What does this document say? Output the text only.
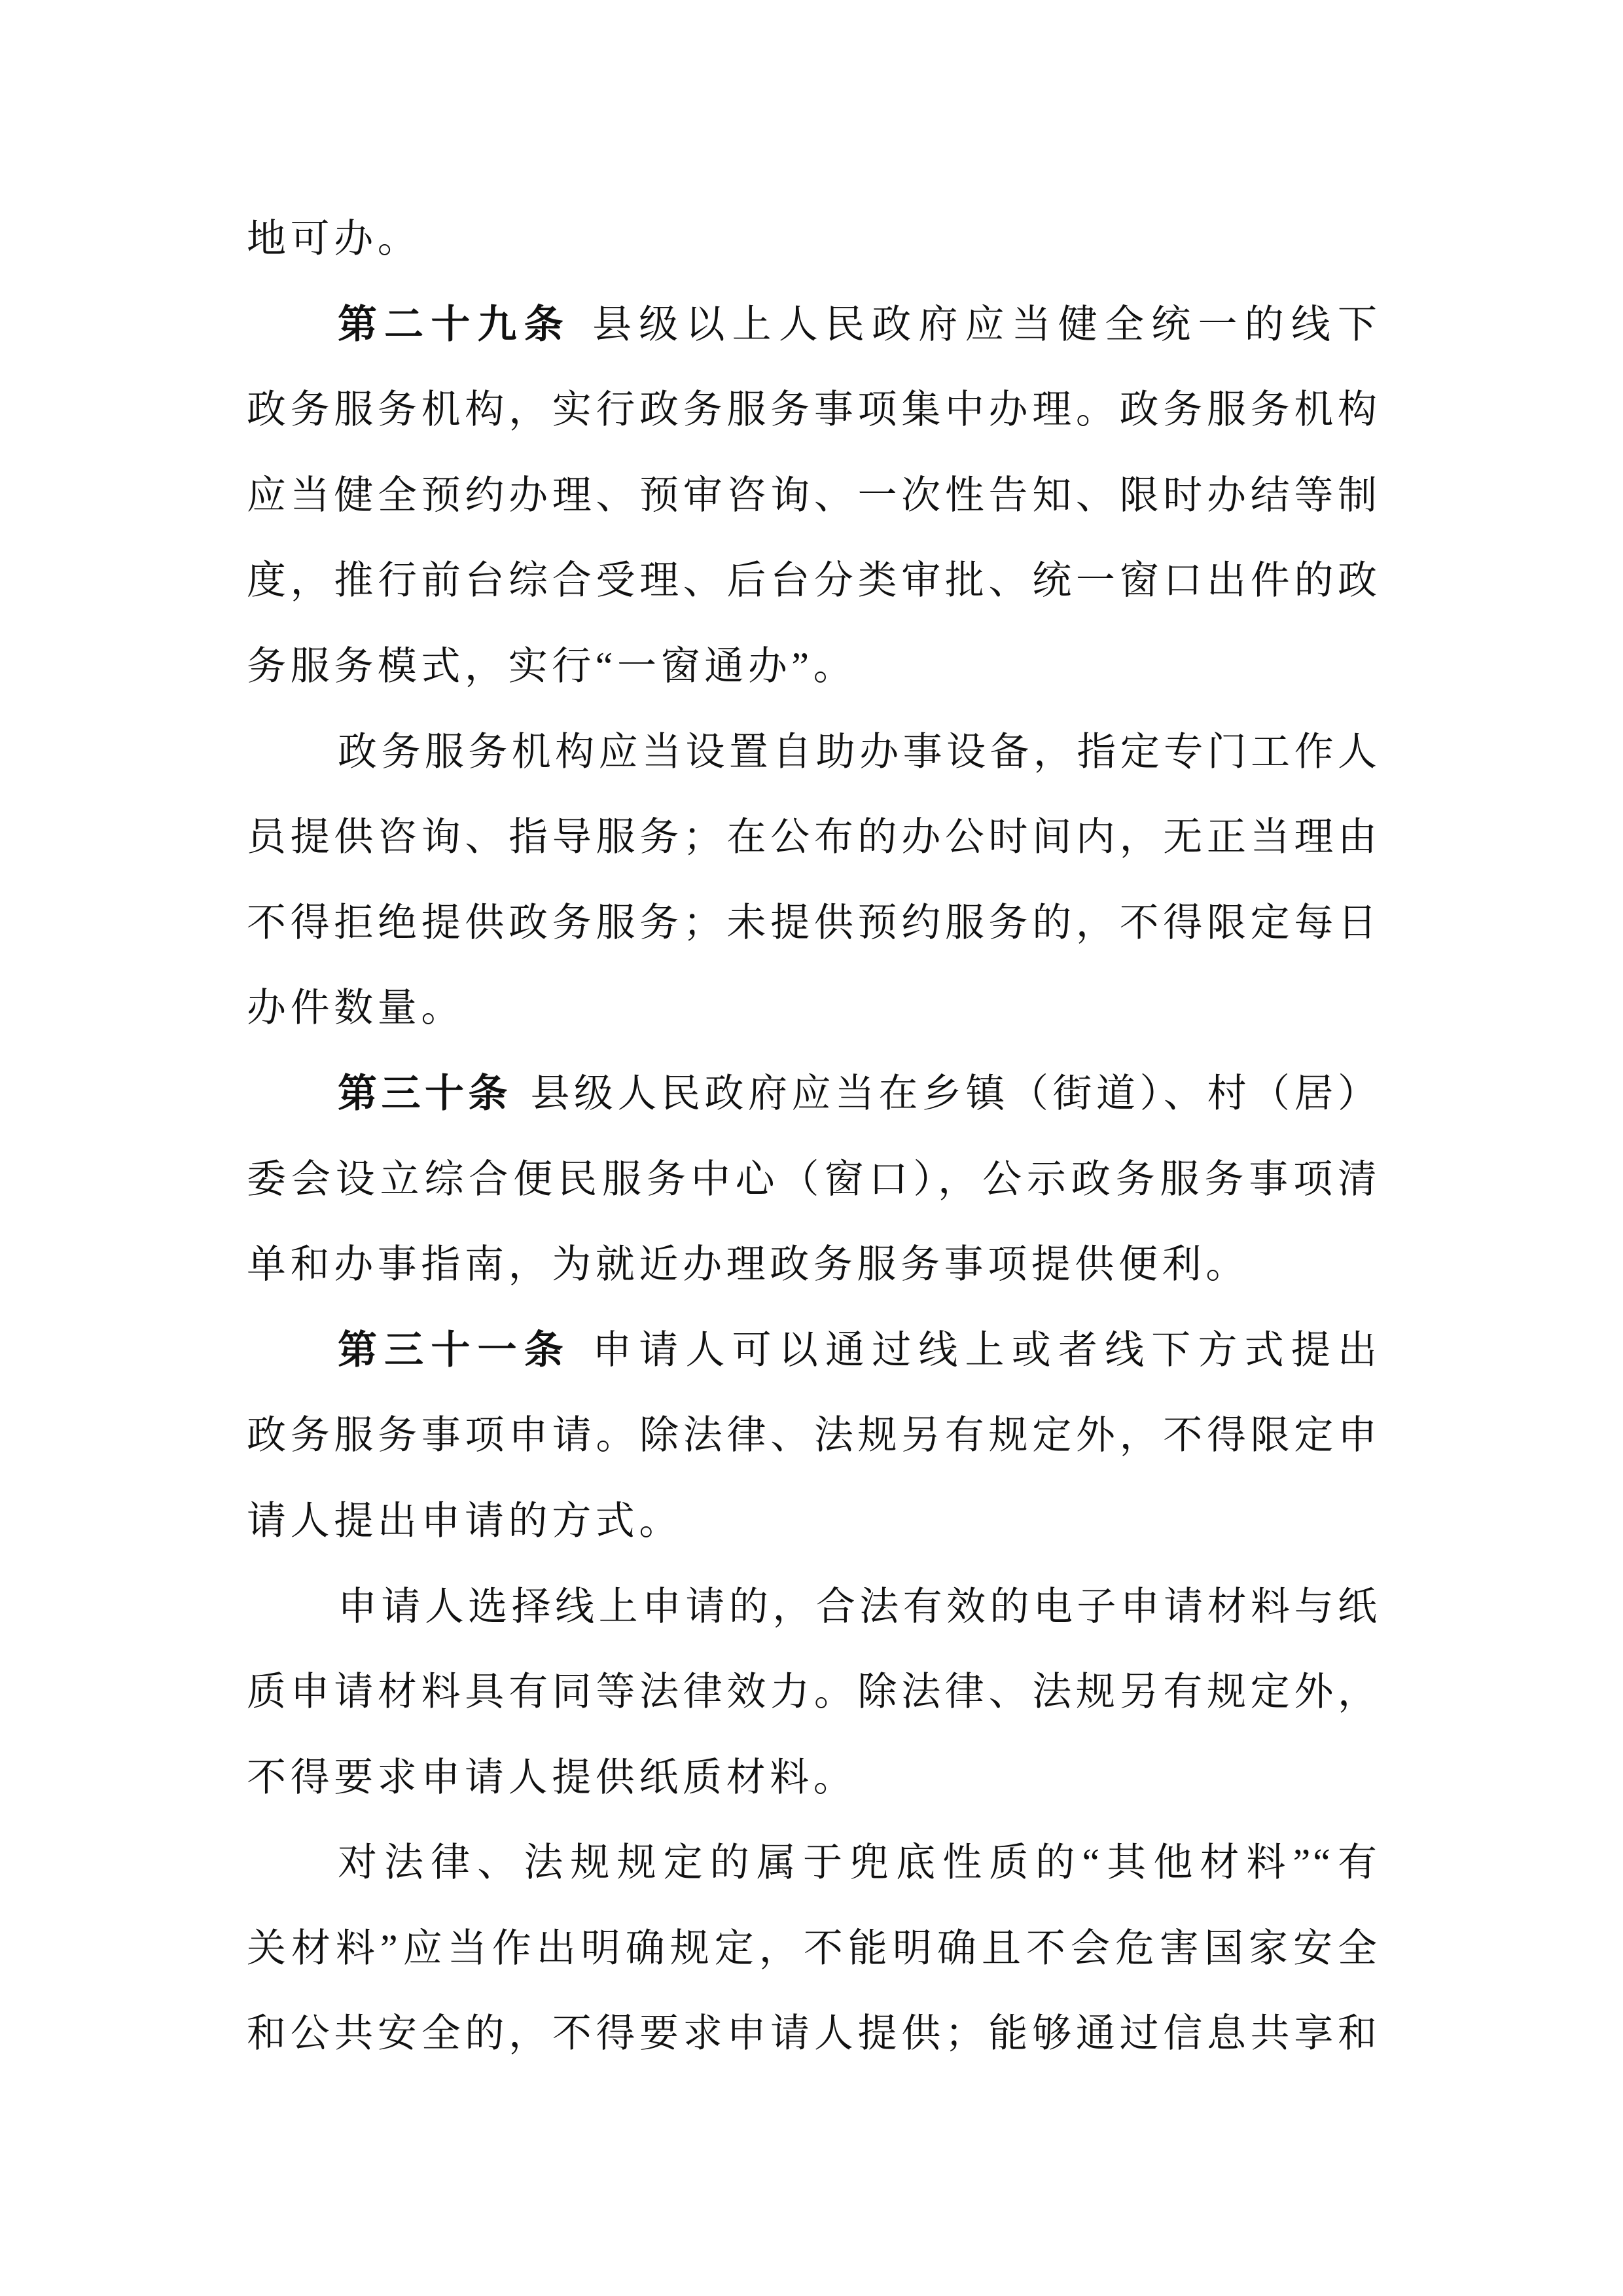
地可办。
第二十九条 县级以上人民政府应当健全统一的线下
政务服务机构，实行政务服务事项集中办理。政务服务机构
应当健全预约办理、预审咨询、一次性告知、限时办结等制
度，推行前台综合受理、后台分类审批、统一窗口出件的政
务服务模式，实行“一窗通办”。
政务服务机构应当设置自助办事设备，指定专门工作人
员提供咨询、指导服务；在公布的办公时间内，无正当理由
不得拒绝提供政务服务；未提供预约服务的，不得限定每日
办件数量。
第三十条 县级人民政府应当在乡镇（街道）、村（居）
委会设立综合便民服务中心（窗口），公示政务服务事项清
单和办事指南，为就近办理政务服务事项提供便利。
第三十一条 申请人可以通过线上或者线下方式提出
政务服务事项申请。除法律、法规另有规定外，不得限定申
请人提出申请的方式。
申请人选择线上申请的，合法有效的电子申请材料与纸
质申请材料具有同等法律效力。除法律、法规另有规定外，
不得要求申请人提供纸质材料。
对法律、法规规定的属于兜底性质的“其他材料”“有
关材料”应当作出明确规定，不能明确且不会危害国家安全
和公共安全的，不得要求申请人提供；能够通过信息共享和
